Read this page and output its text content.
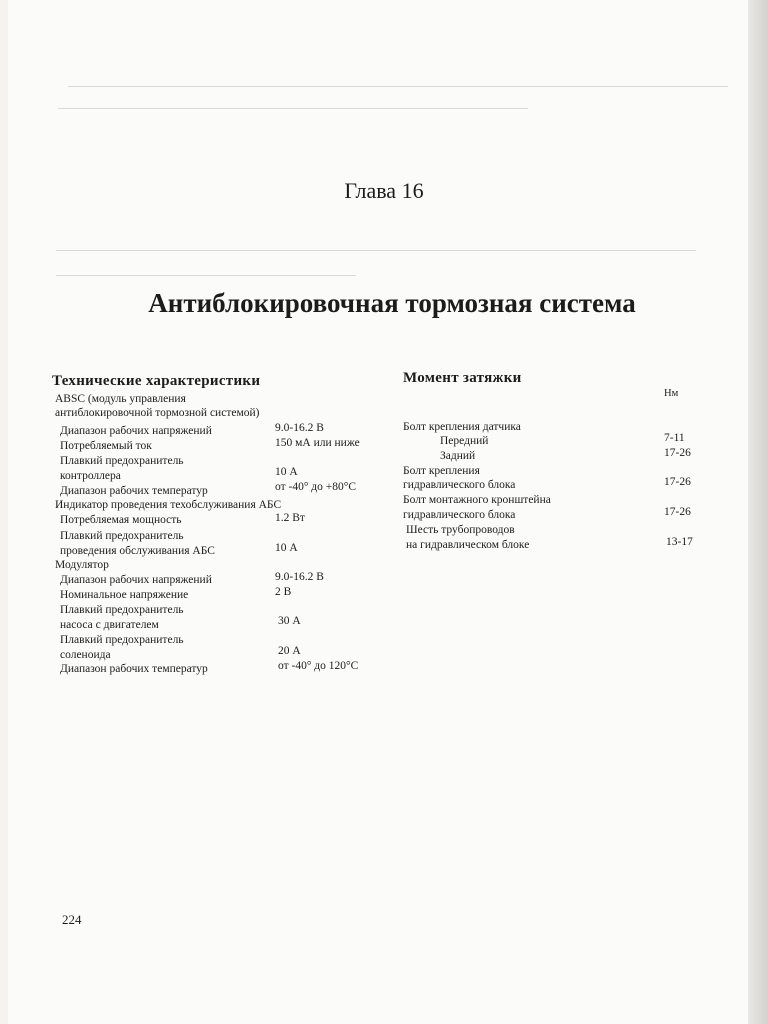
Глава 16
Антиблокировочная тормозная система
Технические характеристики
ABSC (модуль управления
антиблокировочной тормозной системой)
Диапазон рабочих напряжений	9.0-16.2 В
Потребляемый ток	150 мА или ниже
Плавкий предохранитель
контроллера	10 А
Диапазон рабочих температур	от -40° до +80°С
Индикатор проведения техобслуживания АБС
Потребляемая мощность	1.2 Вт
Плавкий предохранитель
проведения обслуживания АБС	10 А
Модулятор
Диапазон рабочих напряжений	9.0-16.2 В
Номинальное напряжение	2 В
Плавкий предохранитель
насоса с двигателем	30 А
Плавкий предохранитель
соленоида	20 А
Диапазон рабочих температур	от -40° до 120°С
Момент затяжки
Нм
Болт крепления датчика
Передний	7-11
Задний	17-26
Болт крепления
гидравлического блока	17-26
Болт монтажного кронштейна
гидравлического блока	17-26
Шесть трубопроводов
на гидравлическом блоке	13-17
224
